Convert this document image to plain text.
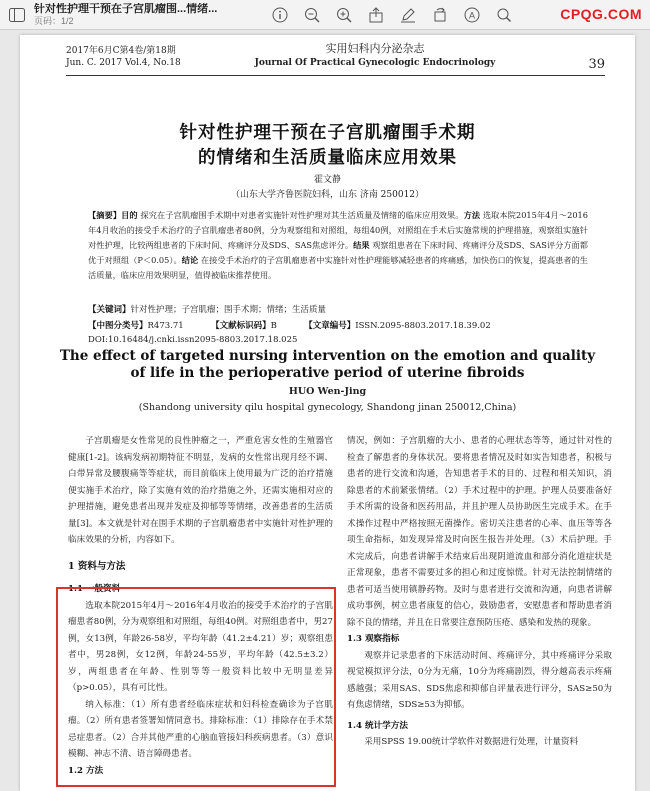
针对性护理干预在子宫肌瘤围...情绪...
页码：1/2
A	CPQG.COM
2017年6月C第4卷/第18期
Jun. C. 2017 Vol.4, No.18
实用妇科内分泌杂志
Journal Of Practical Gynecologic Endocrinology	39
针对性护理干预在子宫肌瘤围手术期
的情绪和生活质量临床应用效果
霍文静
（山东大学齐鲁医院妇科，山东 济南 250012）
【摘要】目的 探究在子宫肌瘤围手术期中对患者实施针对性护理对其生活质量及情绪的临床应用效果。方法 选取本院2015年4月～2016年4月收治的接受手术治疗的子宫肌瘤患者80例，分为观察组和对照组，每组40例，对照组在手术后实施常规的护理措施，观察组实施针对性护理，比较两组患者的下床时间、疼痛评分及SDS、SAS焦虑评分。结果 观察组患者在下床时间、疼痛评分及SDS、SAS评分方面都优于对照组（P＜0.05）。结论 在接受手术治疗的子宫肌瘤患者中实施针对性护理能够减轻患者的疼痛感，加快伤口的恢复，提高患者的生活质量，临床应用效果明显，值得被临床推荐使用。
【关键词】针对性护理；子宫肌瘤；围手术期；情绪；生活质量
【中图分类号】R473.71	【文献标识码】B	【文章编号】ISSN.2095-8803.2017.18.39.02
DOI:10.16484/j.cnki.issn2095-8803.2017.18.025
The effect of targeted nursing intervention on the emotion and quality
of life in the perioperative period of uterine fibroids
HUO Wen-Jing
(Shandong university qilu hospital gynecology, Shandong jinan 250012,China)

子宫肌瘤是女性常见的良性肿瘤之一，严重危害女性的生殖器官健康[1-2]。该病发病初期特征不明显，发病的女性常出现月经不调、白带异常及腰腹痛等等症状，而目前临床上使用最为广泛的治疗措施便实施手术治疗，除了实施有效的治疗措施之外，还需实施相对应的护理措施，避免患者出现并发症及抑郁等等情绪，改善患者的生活质量[3]。本文就是针对在围手术期的子宫肌瘤患者中实施针对性护理的临床效果的分析，内容如下。

1 资料与方法

1.1 一般资料

选取本院2015年4月～2016年4月收治的接受手术治疗的子宫肌瘤患者80例，分为观察组和对照组，每组40例。对照组患者中，男27例，女13例，年龄26-58岁，平均年龄（41.2±4.21）岁；观察组患者中，男28例，女12例，年龄24-55岁，平均年龄（42.5±3.2）岁，两组患者在年龄、性别等等一般资料比较中无明显差异（p>0.05），具有可比性。

纳入标准：（1）所有患者经临床症状和妇科检查确诊为子宫肌瘤。（2）所有患者签署知情同意书。排除标准：（1）排除存在手术禁忌症患者。（2）合并其他严重的心脑血管接妇科疾病患者。（3）意识模糊、神志不清、语言障碍患者。

1.2 方法

情况，例如：子宫肌瘤的大小、患者的心理状态等等，通过针对性的检查了解患者的身体状况。要将患者情况及时如实告知患者，积极与患者的进行交流和沟通，告知患者手术的目的、过程和相关知识，消除患者的术前紧张情绪。（2）手术过程中的护理。护理人员要准备好手术所需的设备和医药用品，并且护理人员协助医生完成手术。在手术操作过程中严格按照无菌操作。密切关注患者的心率、血压等等各项生命指标，如发现异常及时向医生报告并处理。（3）术后护理。手术完成后，向患者讲解手术结束后出现阴道流血和部分消化道症状是正常现象，患者不需要过多的担心和过度惊慌。针对无法控制情绪的患者可适当使用镇静药物。及时与患者进行交流和沟通，向患者讲解成功事例，树立患者康复的信心，鼓励患者，安慰患者和帮助患者消除不良的情绪，并且在日常要注意预防压疮、感染和发热的现象。

1.3 观察指标

观察并记录患者的下床活动时间、疼痛评分，其中疼痛评分采取视觉模拟评分法，0分为无痛，10分为疼痛剧烈，得分越高表示疼痛感越强；采用SAS、SDS焦虑和抑郁自评量表进行评分，SAS≥50为有焦虑情绪，SDS≥53为抑郁。

1.4 统计学方法

采用SPSS 19.00统计学软件对数据进行处理，计量资料
